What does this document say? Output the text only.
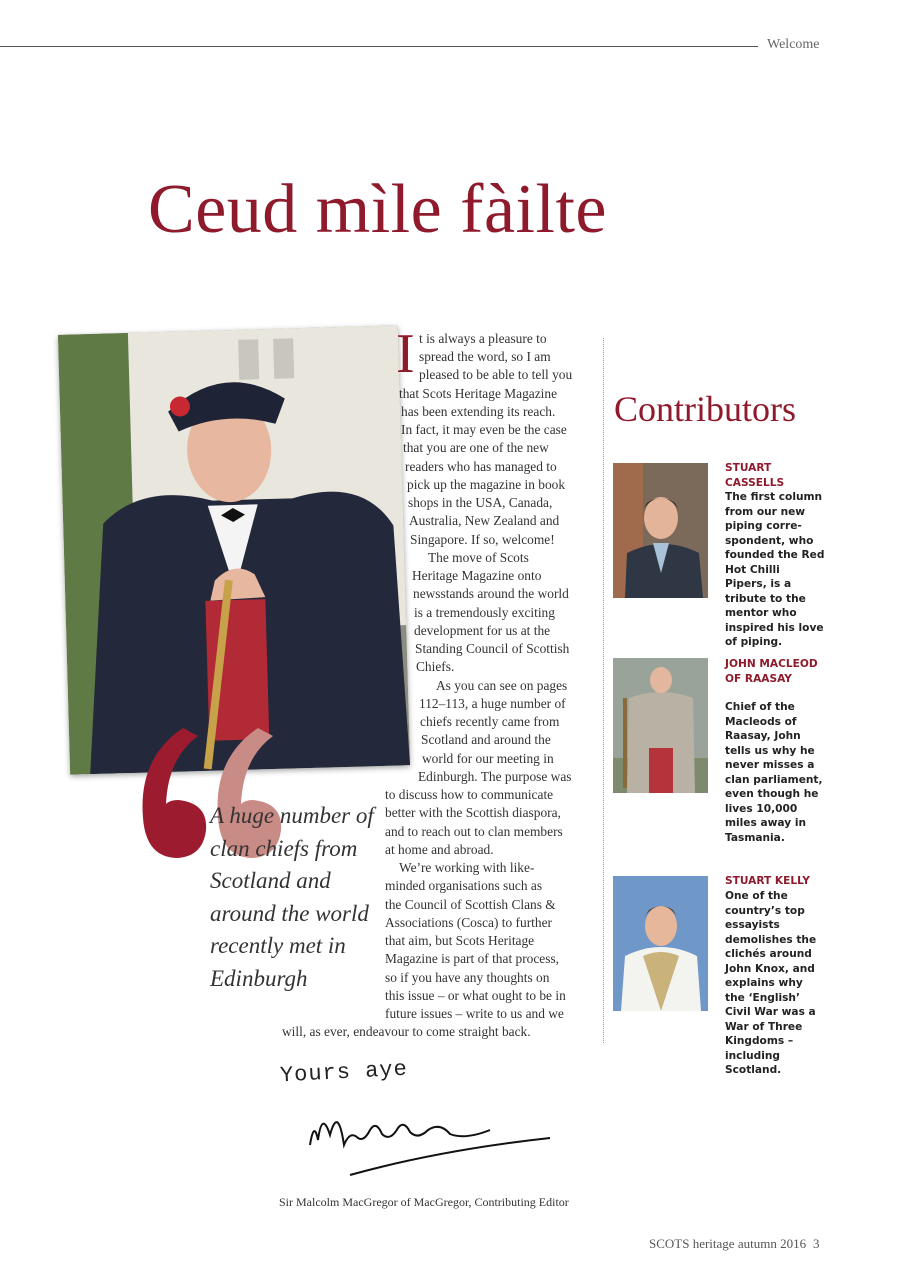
Welcome
Ceud mìle fàilte

A huge number of clan chiefs from Scotland and around the world recently met in Edinburgh

I t is always a pleasure to
spread the word, so I am
pleased to be able to tell you
that Scots Heritage Magazine
has been extending its reach.
In fact, it may even be the case
that you are one of the new
readers who has managed to
pick up the magazine in book
shops in the USA, Canada,
Australia, New Zealand and
Singapore. If so, welcome!
The move of Scots
Heritage Magazine onto
newsstands around the world
is a tremendously exciting
development for us at the
Standing Council of Scottish
Chiefs.
As you can see on pages
112–113, a huge number of
chiefs recently came from
Scotland and around the
world for our meeting in
Edinburgh. The purpose was
to discuss how to communicate
better with the Scottish diaspora,
and to reach out to clan members
at home and abroad.
We’re working with like-
minded organisations such as
the Council of Scottish Clans &
Associations (Cosca) to further
that aim, but Scots Heritage
Magazine is part of that process,
so if you have any thoughts on
this issue – or what ought to be in
future issues – write to us and we
will, as ever, endeavour to come straight back.

Yours aye

Sir Malcolm MacGregor of MacGregor, Contributing Editor
Contributors

STUART CASSELLS

The first column from our new piping corre-spondent, who founded the Red Hot Chilli Pipers, is a tribute to the mentor who inspired his love of piping.

JOHN MACLEOD OF RAASAY

Chief of the Macleods of Raasay, John tells us why he never misses a clan parliament, even though he lives 10,000 miles away in Tasmania.

STUART KELLY

One of the country’s top essayists demolishes the clichés around John Knox, and explains why the ‘English’ Civil War was a War of Three Kingdoms – including Scotland.

SCOTS heritage autumn 2016 3
